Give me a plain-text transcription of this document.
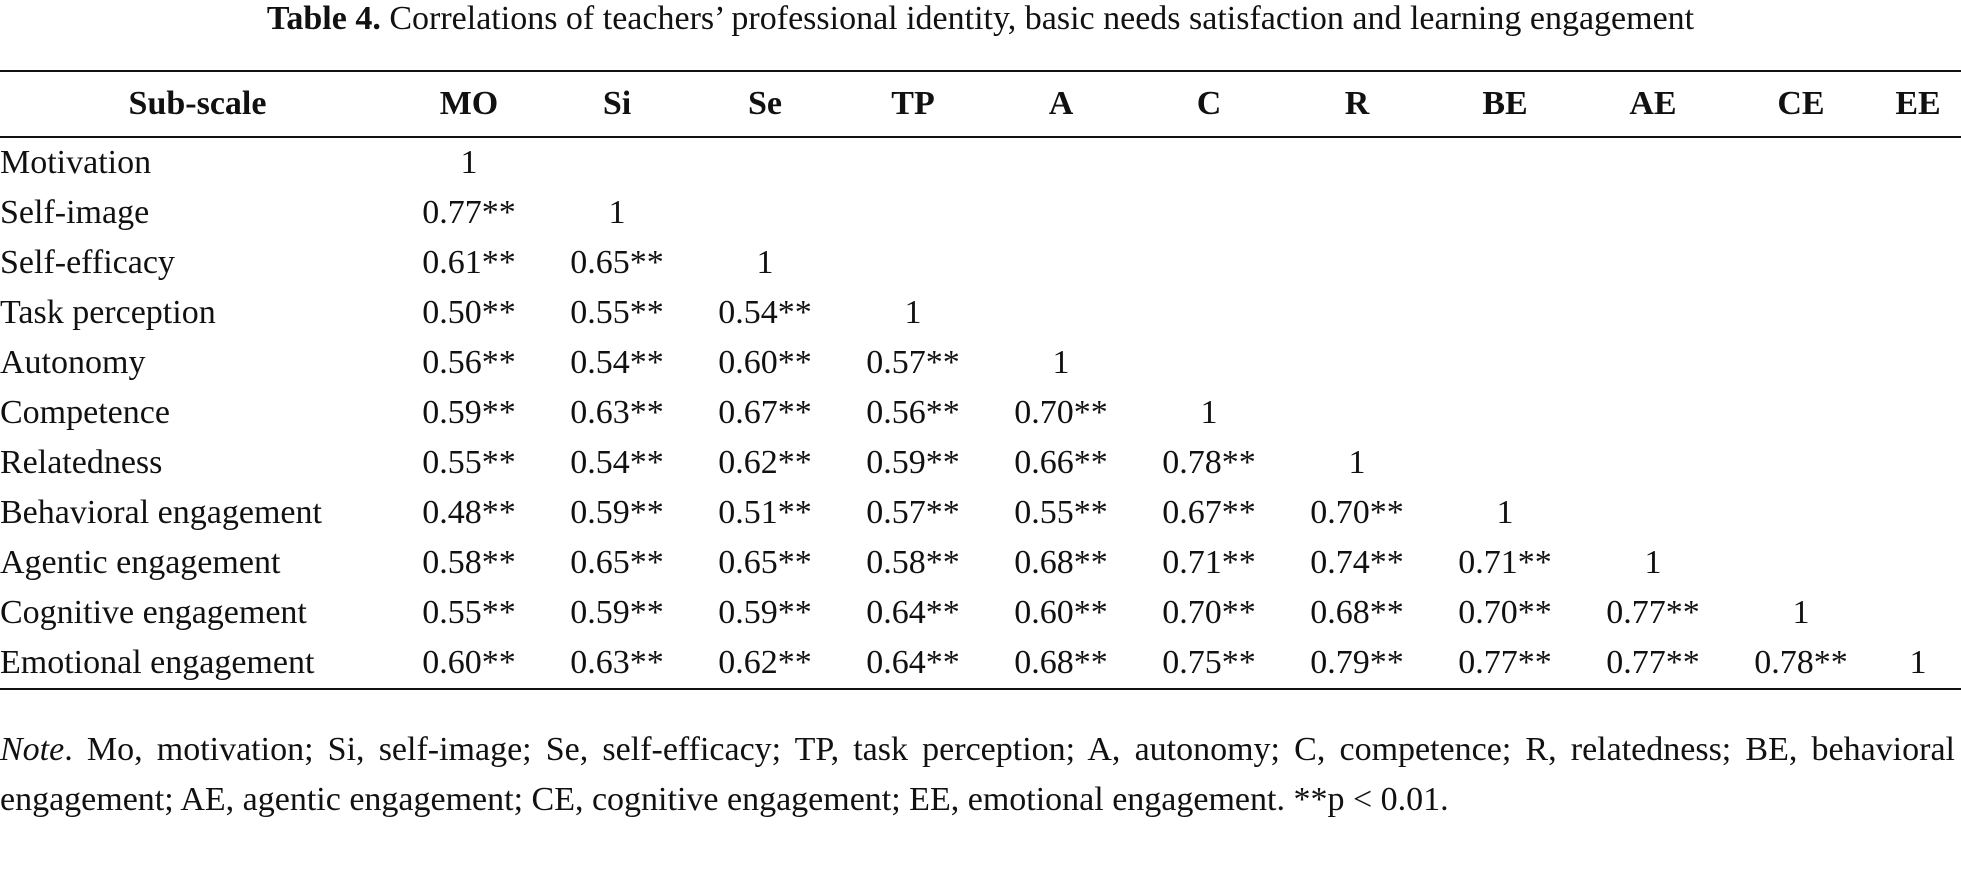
Table 4. Correlations of teachers’ professional identity, basic needs satisfaction and learning engagement
Sub-scale	MO	Si	Se	TP	A	C	R	BE	AE	CE	EE
Motivation	1										
Self-image	0.77**	1									
Self-efficacy	0.61**	0.65**	1								
Task perception	0.50**	0.55**	0.54**	1							
Autonomy	0.56**	0.54**	0.60**	0.57**	1						
Competence	0.59**	0.63**	0.67**	0.56**	0.70**	1					
Relatedness	0.55**	0.54**	0.62**	0.59**	0.66**	0.78**	1				
Behavioral engagement	0.48**	0.59**	0.51**	0.57**	0.55**	0.67**	0.70**	1			
Agentic engagement	0.58**	0.65**	0.65**	0.58**	0.68**	0.71**	0.74**	0.71**	1		
Cognitive engagement	0.55**	0.59**	0.59**	0.64**	0.60**	0.70**	0.68**	0.70**	0.77**	1	
Emotional engagement	0.60**	0.63**	0.62**	0.64**	0.68**	0.75**	0.79**	0.77**	0.77**	0.78**	1
Note. Mo, motivation; Si, self-image; Se, self-efficacy; TP, task perception; A, autonomy; C, competence; R, relatedness; BE, behavioral engagement; AE, agentic engagement; CE, cognitive engagement; EE, emotional engagement. **p < 0.01.
